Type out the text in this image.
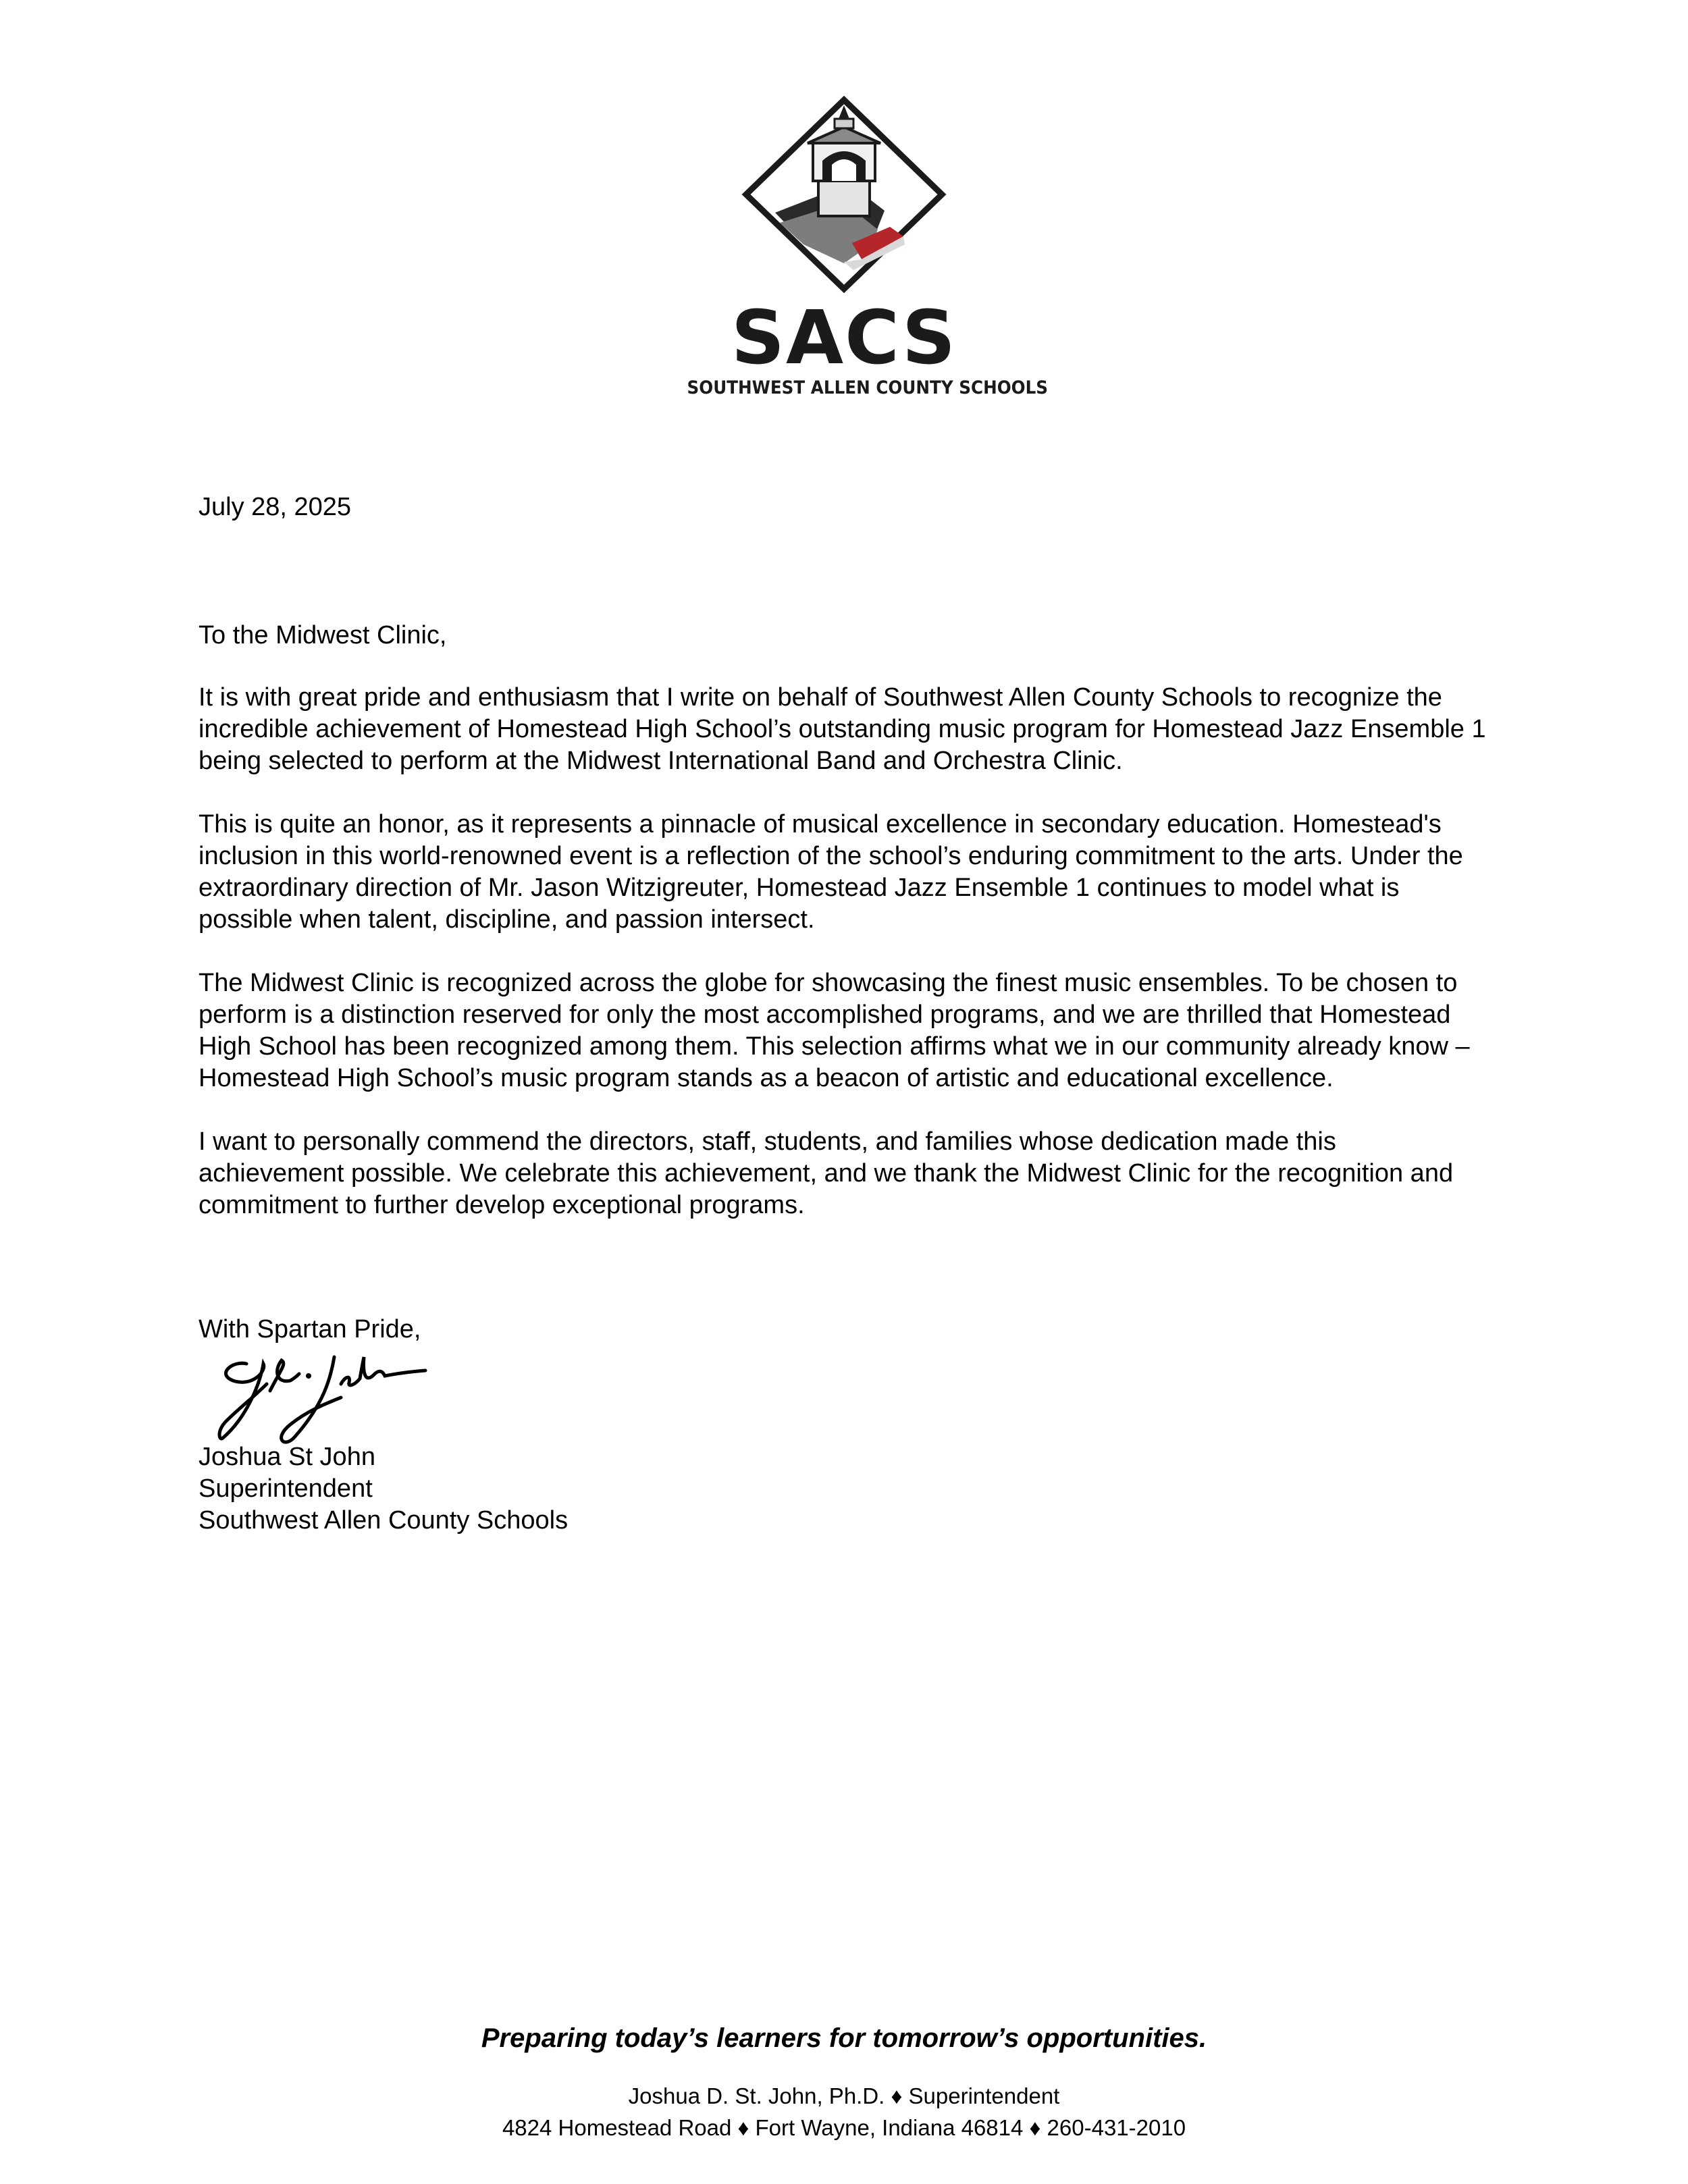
SACS
SOUTHWEST ALLEN COUNTY SCHOOLS
July 28, 2025
To the Midwest Clinic,

It is with great pride and enthusiasm that I write on behalf of Southwest Allen County Schools to recognize the incredible achievement of Homestead High School’s outstanding music program for Homestead Jazz Ensemble 1 being selected to perform at the Midwest International Band and Orchestra Clinic.

This is quite an honor, as it represents a pinnacle of musical excellence in secondary education. Homestead's inclusion in this world-renowned event is a reflection of the school’s enduring commitment to the arts. Under the extraordinary direction of Mr. Jason Witzigreuter, Homestead Jazz Ensemble 1 continues to model what is possible when talent, discipline, and passion intersect.

The Midwest Clinic is recognized across the globe for showcasing the finest music ensembles. To be chosen to perform is a distinction reserved for only the most accomplished programs, and we are thrilled that Homestead High School has been recognized among them. This selection affirms what we in our community already know – Homestead High School’s music program stands as a beacon of artistic and educational excellence.

I want to personally commend the directors, staff, students, and families whose dedication made this achievement possible. We celebrate this achievement, and we thank the Midwest Clinic for the recognition and commitment to further develop exceptional programs.

With Spartan Pride,
Joshua St John
Superintendent
Southwest Allen County Schools
Preparing today’s learners for tomorrow’s opportunities.
Joshua D. St. John, Ph.D. ♦ Superintendent
4824 Homestead Road ♦ Fort Wayne, Indiana 46814 ♦ 260-431-2010
